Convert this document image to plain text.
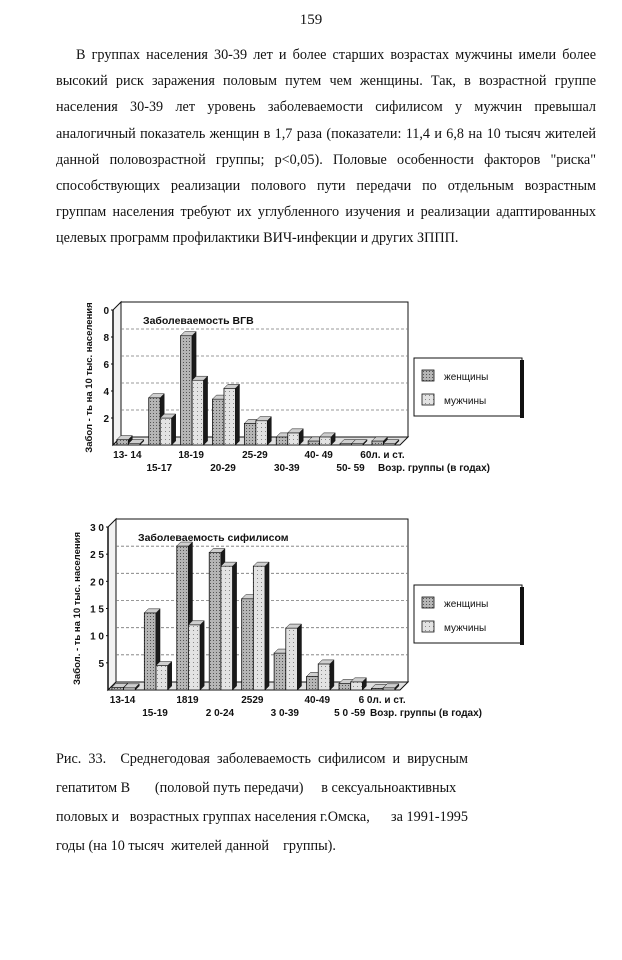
159

В группах населения 30-39 лет и более старших возрастах мужчины имели более высокий риск заражения половым путем чем женщины. Так, в возрастной группе населения 30-39 лет уровень заболеваемости сифилисом у мужчин превышал аналогичный показатель женщин в 1,7 раза (показатели: 11,4 и 6,8 на 10 тысяч жителей данной половозрастной группы; p<0,05). Половые особенности факторов "риска" способствующих реализации полового пути передачи по отдельным возрастным группам населения требуют их углубленного изучения и реализации адаптированных целевых программ профилактики ВИЧ-инфекции и других ЗППП.

0
8
6
4
2
Забол - ть на 10 тыс. населения
13- 14	18-19	25-29	40- 49	60л. и ст.
15-17	20-29	30-39	50- 59 Возр. группы (в годах)
Заболеваемость ВГВ
женщины
мужчины
3 0
2 5
2 0
1 5
1 0
5
Забол. - ть на 10 тыс. населения
13-14	1819	2529	40-49	6 0л. и ст.
15-19	2 0-24	3 0-39	5 0 -59 Возр. группы (в годах)
Заболеваемость сифилисом
женщины
мужчины
Рис.  33.    Среднегодовая  заболеваемость  сифилисом  и  вирусным
гепатитом В       (половой путь передачи)     в сексуальноактивных
половых и   возрастных группах населения г.Омска,      за 1991-1995
годы (на 10 тысяч  жителей данной    группы).
